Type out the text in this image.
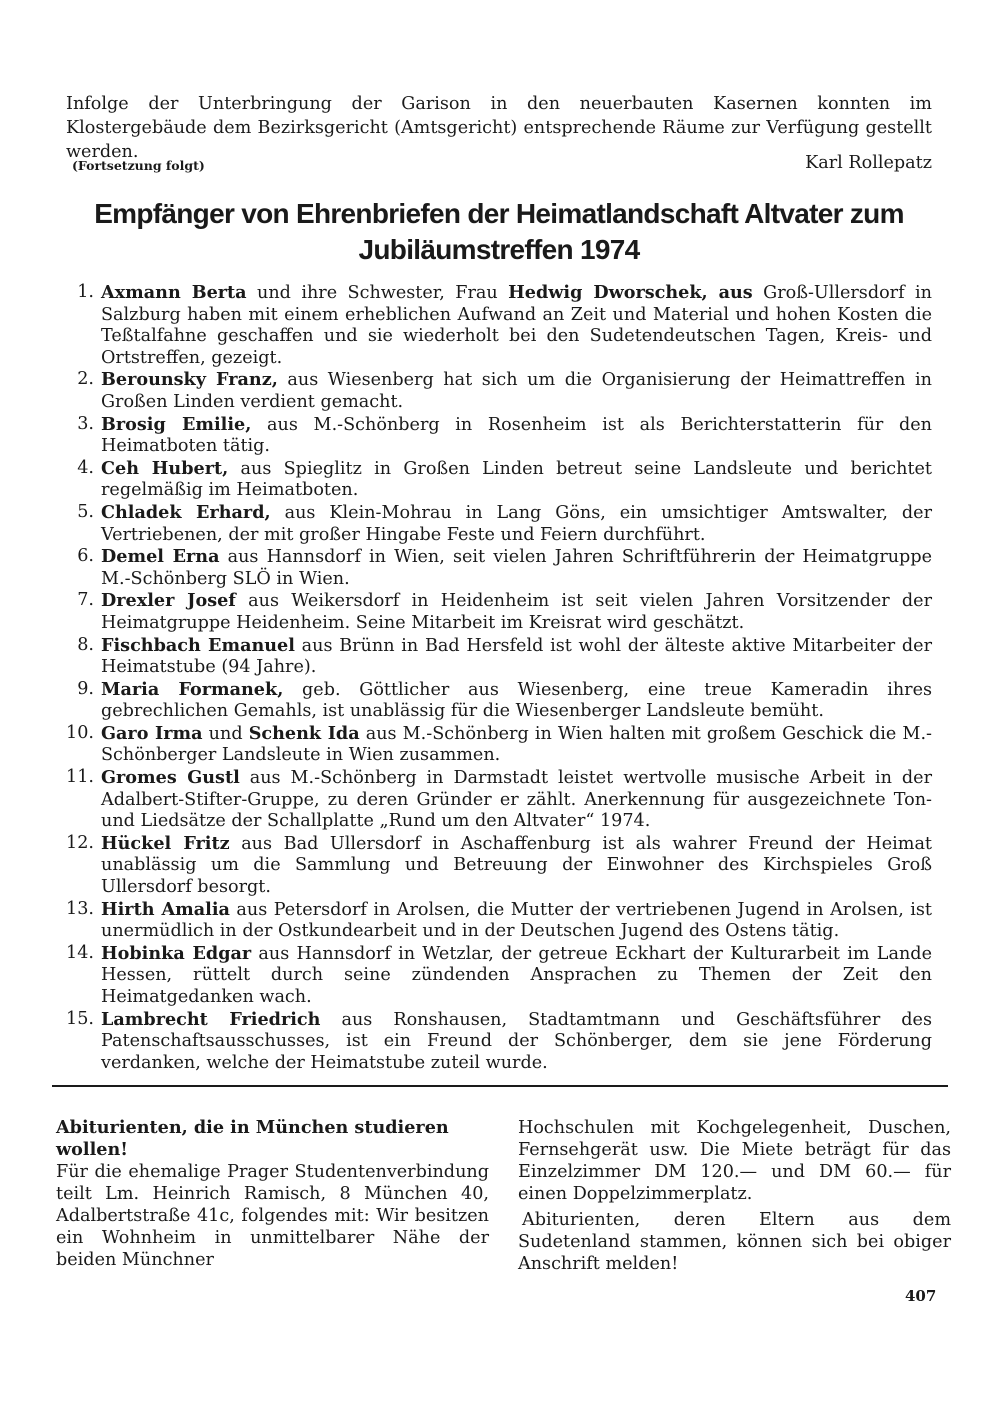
Infolge der Unterbringung der Garison in den neuerbauten Kasernen konnten im Klostergebäude dem Bezirksgericht (Amtsgericht) entsprechende Räume zur Verfügung gestellt werden.

(Fortsetzung folgt)	Karl Rollepatz
Empfänger von Ehrenbriefen der Heimatlandschaft Altvater zum Jubiläumstreffen 1974
1. Axmann Berta und ihre Schwester, Frau Hedwig Dworschek, aus Groß-Ullersdorf in Salzburg haben mit einem erheblichen Aufwand an Zeit und Material und hohen Kosten die Teßtalfahne geschaffen und sie wiederholt bei den Sudetendeutschen Tagen, Kreis- und Ortstreffen, gezeigt.
2. Berounsky Franz, aus Wiesenberg hat sich um die Organisierung der Heimattreffen in Großen Linden verdient gemacht.
3. Brosig Emilie, aus M.-Schönberg in Rosenheim ist als Berichterstatterin für den Heimatboten tätig.
4. Ceh Hubert, aus Spieglitz in Großen Linden betreut seine Landsleute und berichtet regelmäßig im Heimatboten.
5. Chladek Erhard, aus Klein-Mohrau in Lang Göns, ein umsichtiger Amtswalter, der Vertriebenen, der mit großer Hingabe Feste und Feiern durchführt.
6. Demel Erna aus Hannsdorf in Wien, seit vielen Jahren Schriftführerin der Heimatgruppe M.-Schönberg SLÖ in Wien.
7. Drexler Josef aus Weikersdorf in Heidenheim ist seit vielen Jahren Vorsitzender der Heimatgruppe Heidenheim. Seine Mitarbeit im Kreisrat wird geschätzt.
8. Fischbach Emanuel aus Brünn in Bad Hersfeld ist wohl der älteste aktive Mitarbeiter der Heimatstube (94 Jahre).
9. Maria Formanek, geb. Göttlicher aus Wiesenberg, eine treue Kameradin ihres gebrechlichen Gemahls, ist unablässig für die Wiesenberger Landsleute bemüht.
10. Garo Irma und Schenk Ida aus M.-Schönberg in Wien halten mit großem Geschick die M.-Schönberger Landsleute in Wien zusammen.
11. Gromes Gustl aus M.-Schönberg in Darmstadt leistet wertvolle musische Arbeit in der Adalbert-Stifter-Gruppe, zu deren Gründer er zählt. Anerkennung für ausgezeichnete Ton- und Liedsätze der Schallplatte „Rund um den Altvater“ 1974.
12. Hückel Fritz aus Bad Ullersdorf in Aschaffenburg ist als wahrer Freund der Heimat unablässig um die Sammlung und Betreuung der Einwohner des Kirchspieles Groß Ullersdorf besorgt.
13. Hirth Amalia aus Petersdorf in Arolsen, die Mutter der vertriebenen Jugend in Arolsen, ist unermüdlich in der Ostkundearbeit und in der Deutschen Jugend des Ostens tätig.
14. Hobinka Edgar aus Hannsdorf in Wetzlar, der getreue Eckhart der Kulturarbeit im Lande Hessen, rüttelt durch seine zündenden Ansprachen zu Themen der Zeit den Heimatgedanken wach.
15. Lambrecht Friedrich aus Ronshausen, Stadtamtmann und Geschäftsführer des Patenschaftsausschusses, ist ein Freund der Schönberger, dem sie jene Förderung verdanken, welche der Heimatstube zuteil wurde.

Abiturienten, die in München studieren wollen!

Für die ehemalige Prager Studentenverbindung teilt Lm. Heinrich Ramisch, 8 München 40, Adalbertstraße 41c, folgendes mit: Wir besitzen ein Wohnheim in unmittelbarer Nähe der beiden Münchner

Hochschulen mit Kochgelegenheit, Duschen, Fernsehgerät usw. Die Miete beträgt für das Einzelzimmer DM 120.— und DM 60.— für einen Doppelzimmerplatz.

Abiturienten, deren Eltern aus dem Sudetenland stammen, können sich bei obiger Anschrift melden!

407
